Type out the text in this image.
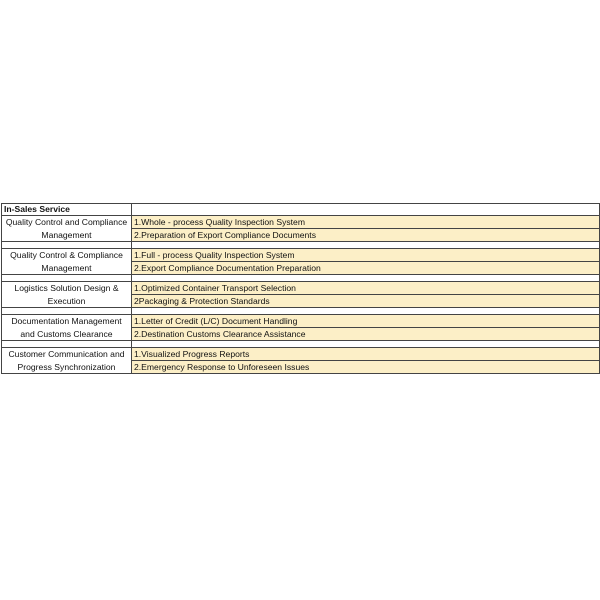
In-Sales Service	
Quality Control and Compliance Management	1.Whole - process Quality Inspection System
	2.Preparation of Export Compliance Documents

Quality Control & Compliance Management	1.Full - process Quality Inspection System
	2.Export Compliance Documentation Preparation

Logistics Solution Design & Execution	1.Optimized Container Transport Selection
	2Packaging & Protection Standards

Documentation Management and Customs Clearance	1.Letter of Credit (L/C) Document Handling
	2.Destination Customs Clearance Assistance

Customer Communication and Progress Synchronization	1.Visualized Progress Reports
	2.Emergency Response to Unforeseen Issues
